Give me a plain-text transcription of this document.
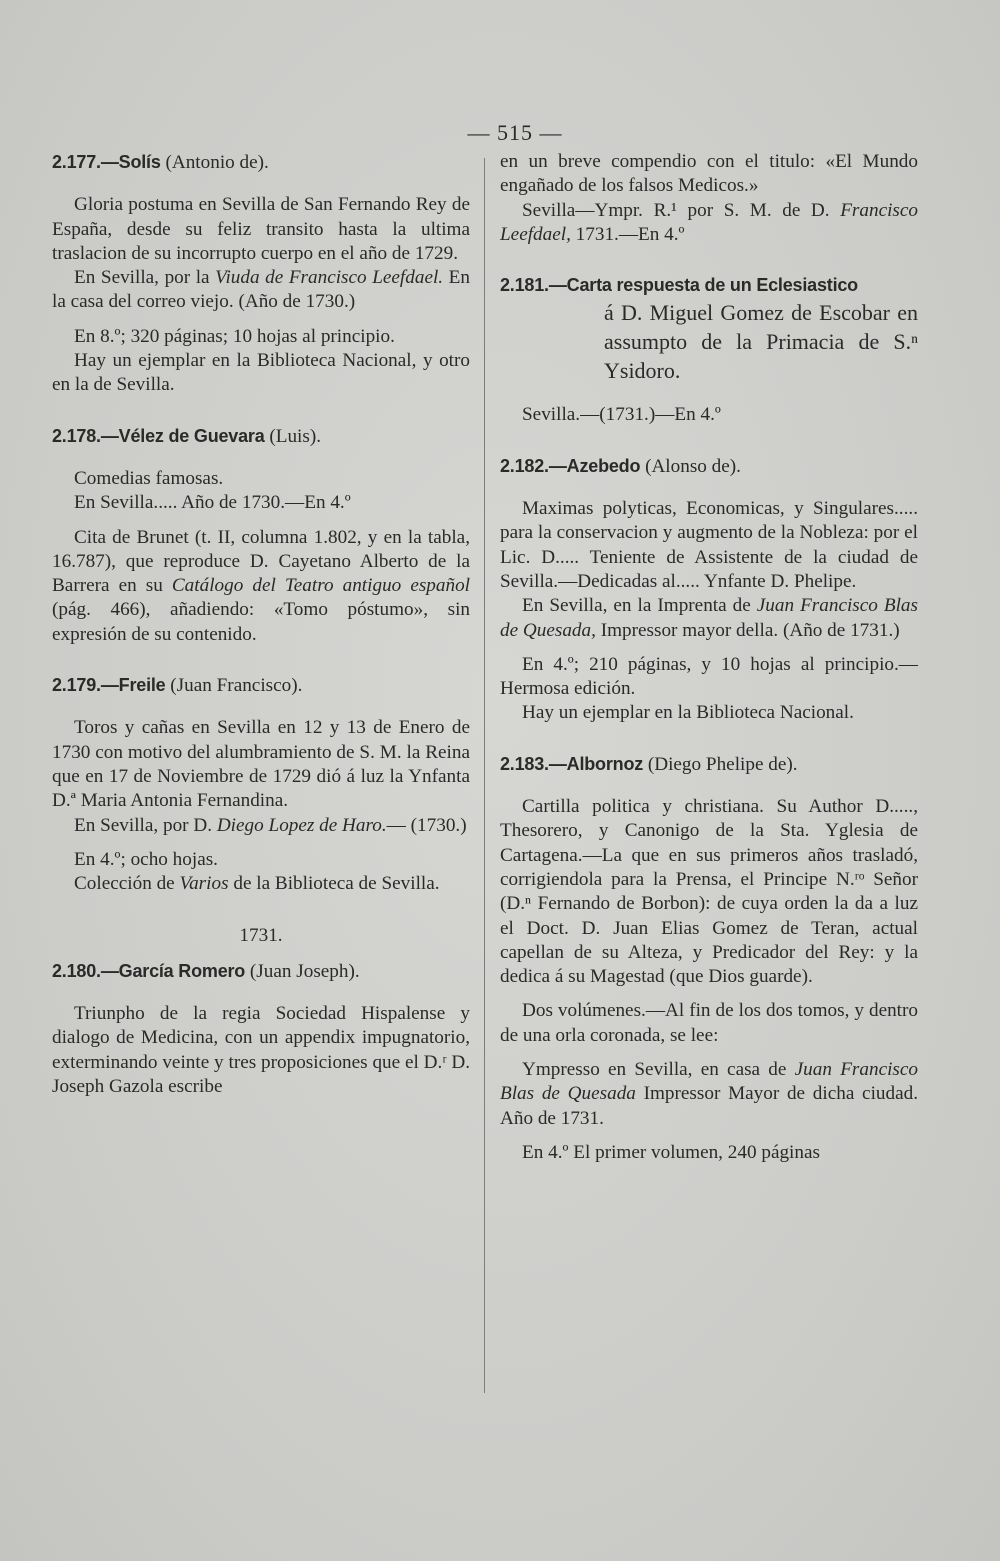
— 515 —

2.177.—Solís (Antonio de).

Gloria postuma en Sevilla de San Fernando Rey de España, desde su feliz transito hasta la ultima traslacion de su incorrupto cuerpo en el año de 1729.

En Sevilla, por la Viuda de Francisco Leefdael. En la casa del correo viejo. (Año de 1730.)

En 8.º; 320 páginas; 10 hojas al principio.

Hay un ejemplar en la Biblioteca Nacional, y otro en la de Sevilla.

2.178.—Vélez de Guevara (Luis).

Comedias famosas.

En Sevilla..... Año de 1730.—En 4.º

Cita de Brunet (t. II, columna 1.802, y en la tabla, 16.787), que reproduce D. Cayetano Alberto de la Barrera en su Catálogo del Teatro antiguo español (pág. 466), añadiendo: «Tomo póstumo», sin expresión de su contenido.

2.179.—Freile (Juan Francisco).

Toros y cañas en Sevilla en 12 y 13 de Enero de 1730 con motivo del alumbramiento de S. M. la Reina que en 17 de Noviembre de 1729 dió á luz la Ynfanta D.ª Maria Antonia Fernandina.

En Sevilla, por D. Diego Lopez de Haro.— (1730.)

En 4.º; ocho hojas.

Colección de Varios de la Biblioteca de Sevilla.

1731.

2.180.—García Romero (Juan Joseph).

Triunpho de la regia Sociedad Hispalense y dialogo de Medicina, con un appendix impugnatorio, exterminando veinte y tres proposiciones que el D.ʳ D. Joseph Gazola escribe

en un breve compendio con el titulo: «El Mundo engañado de los falsos Medicos.»

Sevilla—Ympr. R.¹ por S. M. de D. Francisco Leefdael, 1731.—En 4.º

2.181.—Carta respuesta de un Eclesiastico

á D. Miguel Gomez de Escobar en assumpto de la Primacia de S.ⁿ Ysidoro.

Sevilla.—(1731.)—En 4.º

2.182.—Azebedo (Alonso de).

Maximas polyticas, Economicas, y Singulares..... para la conservacion y augmento de la Nobleza: por el Lic. D..... Teniente de Assistente de la ciudad de Sevilla.—Dedicadas al..... Ynfante D. Phelipe.

En Sevilla, en la Imprenta de Juan Francisco Blas de Quesada, Impressor mayor della. (Año de 1731.)

En 4.º; 210 páginas, y 10 hojas al principio.—Hermosa edición.

Hay un ejemplar en la Biblioteca Nacional.

2.183.—Albornoz (Diego Phelipe de).

Cartilla politica y christiana. Su Author D....., Thesorero, y Canonigo de la Sta. Yglesia de Cartagena.—La que en sus primeros años trasladó, corrigiendola para la Prensa, el Principe N.ʳᵒ Señor (D.ⁿ Fernando de Borbon): de cuya orden la da a luz el Doct. D. Juan Elias Gomez de Teran, actual capellan de su Alteza, y Predicador del Rey: y la dedica á su Magestad (que Dios guarde).

Dos volúmenes.—Al fin de los dos tomos, y dentro de una orla coronada, se lee:

Ympresso en Sevilla, en casa de Juan Francisco Blas de Quesada Impressor Mayor de dicha ciudad. Año de 1731.

En 4.º El primer volumen, 240 páginas
